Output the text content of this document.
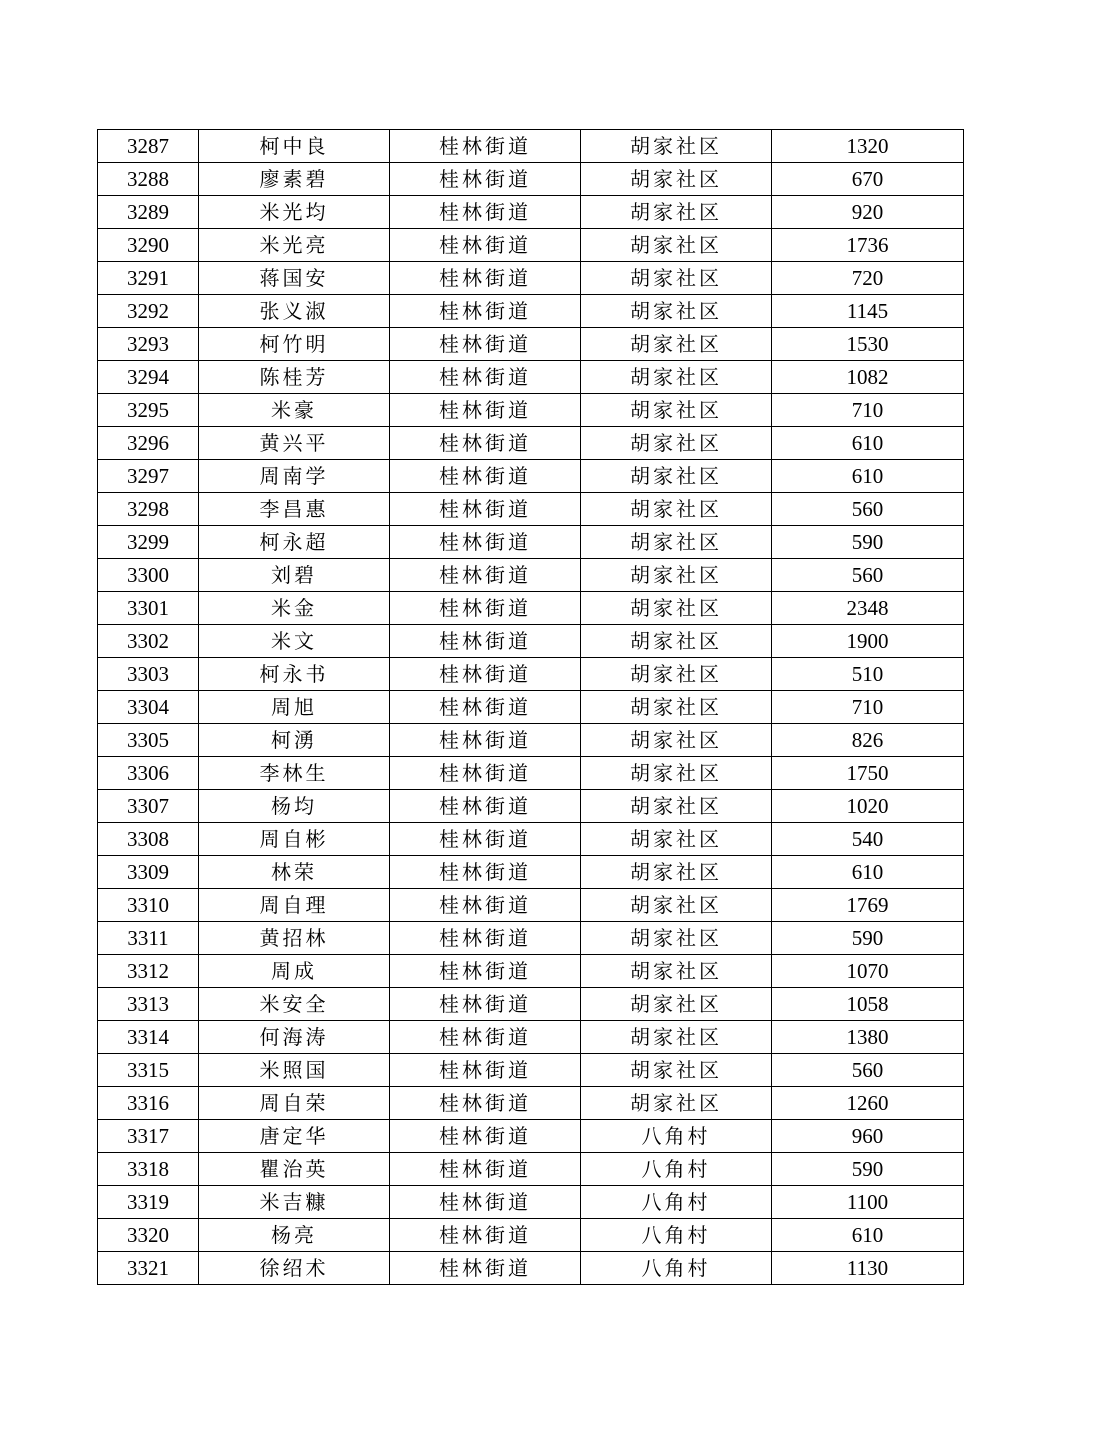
3287	柯中良	桂林街道	胡家社区	1320
3288	廖素碧	桂林街道	胡家社区	670
3289	米光均	桂林街道	胡家社区	920
3290	米光亮	桂林街道	胡家社区	1736
3291	蒋国安	桂林街道	胡家社区	720
3292	张义淑	桂林街道	胡家社区	1145
3293	柯竹明	桂林街道	胡家社区	1530
3294	陈桂芳	桂林街道	胡家社区	1082
3295	米豪	桂林街道	胡家社区	710
3296	黄兴平	桂林街道	胡家社区	610
3297	周南学	桂林街道	胡家社区	610
3298	李昌惠	桂林街道	胡家社区	560
3299	柯永超	桂林街道	胡家社区	590
3300	刘碧	桂林街道	胡家社区	560
3301	米金	桂林街道	胡家社区	2348
3302	米文	桂林街道	胡家社区	1900
3303	柯永书	桂林街道	胡家社区	510
3304	周旭	桂林街道	胡家社区	710
3305	柯湧	桂林街道	胡家社区	826
3306	李林生	桂林街道	胡家社区	1750
3307	杨均	桂林街道	胡家社区	1020
3308	周自彬	桂林街道	胡家社区	540
3309	林荣	桂林街道	胡家社区	610
3310	周自理	桂林街道	胡家社区	1769
3311	黄招林	桂林街道	胡家社区	590
3312	周成	桂林街道	胡家社区	1070
3313	米安全	桂林街道	胡家社区	1058
3314	何海涛	桂林街道	胡家社区	1380
3315	米照国	桂林街道	胡家社区	560
3316	周自荣	桂林街道	胡家社区	1260
3317	唐定华	桂林街道	八角村	960
3318	瞿治英	桂林街道	八角村	590
3319	米吉糠	桂林街道	八角村	1100
3320	杨亮	桂林街道	八角村	610
3321	徐绍术	桂林街道	八角村	1130
